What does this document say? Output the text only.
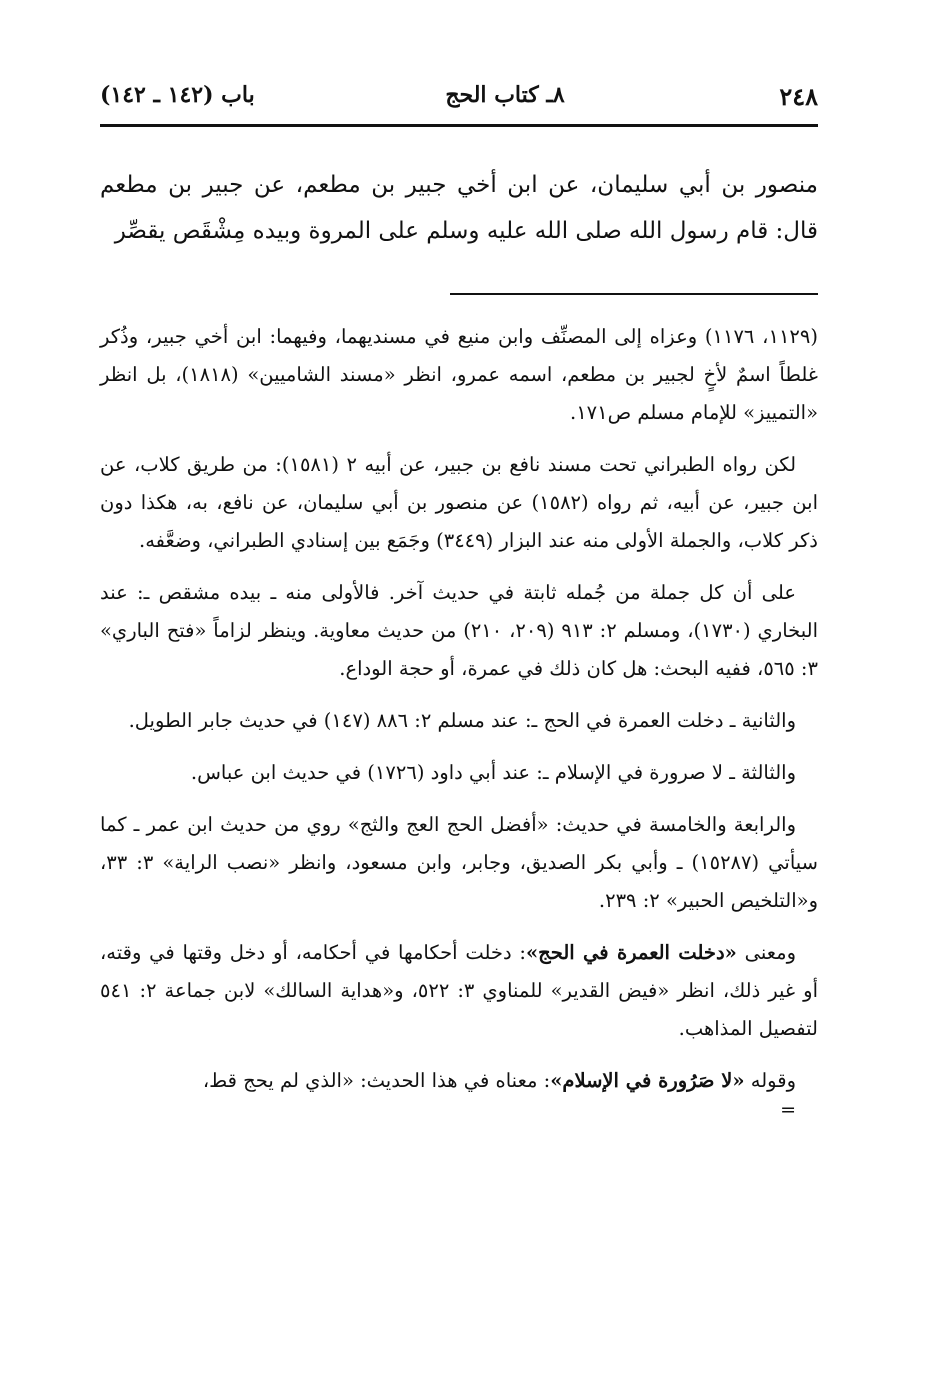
٢٤٨
٨ـ كتاب الحج
باب (١٤٢ ـ ١٤٢)

منصور بن أبي سليمان، عن ابن أخي جبير بن مطعم، عن جبير بن مطعم قال: قام رسول الله صلى الله عليه وسلم على المروة وبيده مِشْقَص يقصِّر

(١١٢٩، ١١٧٦) وعزاه إلى المصنِّف وابن منيع في مسنديهما، وفيهما: ابن أخي جبير، وذُكر غلطاً اسمٌ لأخٍ لجبير بن مطعم، اسمه عمرو، انظر «مسند الشاميين» (١٨١٨)، بل انظر «التمييز» للإمام مسلم ص١٧١.

لكن رواه الطبراني تحت مسند نافع بن جبير، عن أبيه ٢ (١٥٨١): من طريق كلاب، عن ابن جبير، عن أبيه، ثم رواه (١٥٨٢) عن منصور بن أبي سليمان، عن نافع، به، هكذا دون ذكر كلاب، والجملة الأولى منه عند البزار (٣٤٤٩) وجَمَع بين إسنادي الطبراني، وضعَّفه.

على أن كل جملة من جُمله ثابتة في حديث آخر. فالأولى منه ـ بيده مشقص ـ: عند البخاري (١٧٣٠)، ومسلم ٢: ٩١٣ (٢٠٩، ٢١٠) من حديث معاوية. وينظر لزاماً «فتح الباري» ٣: ٥٦٥، ففيه البحث: هل كان ذلك في عمرة، أو حجة الوداع.

والثانية ـ دخلت العمرة في الحج ـ: عند مسلم ٢: ٨٨٦ (١٤٧) في حديث جابر الطويل.

والثالثة ـ لا صرورة في الإسلام ـ: عند أبي داود (١٧٢٦) في حديث ابن عباس.

والرابعة والخامسة في حديث: «أفضل الحج العج والثج» روي من حديث ابن عمر ـ كما سيأتي (١٥٢٨٧) ـ وأبي بكر الصديق، وجابر، وابن مسعود، وانظر «نصب الراية» ٣: ٣٣، و«التلخيص الحبير» ٢: ٢٣٩.

ومعنى «دخلت العمرة في الحج»: دخلت أحكامها في أحكامه، أو دخل وقتها في وقته، أو غير ذلك، انظر «فيض القدير» للمناوي ٣: ٥٢٢، و«هداية السالك» لابن جماعة ٢: ٥٤١ لتفصيل المذاهب.

وقوله «لا صَرُورة في الإسلام»: معناه في هذا الحديث: «الذي لم يحج قط،
=
